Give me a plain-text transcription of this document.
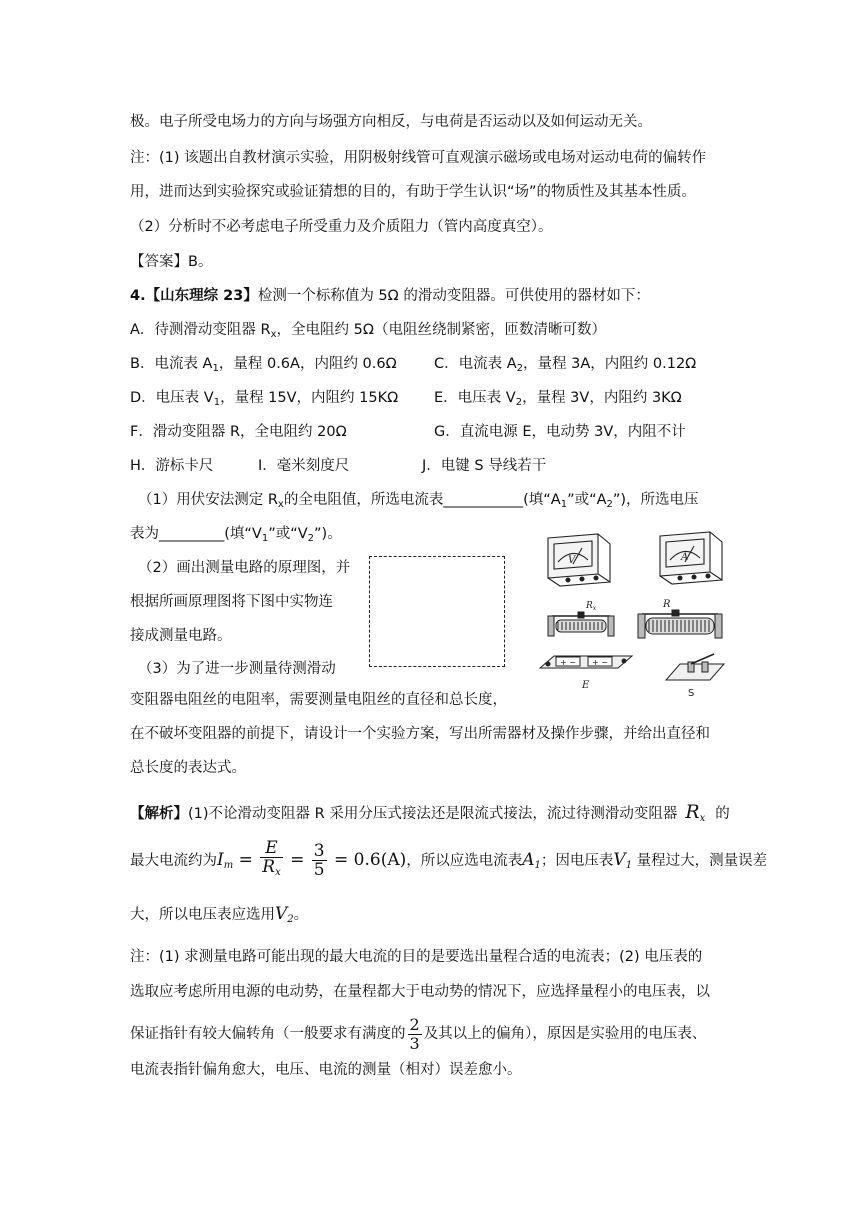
极。电子所受电场力的方向与场强方向相反，与电荷是否运动以及如何运动无关。
注：(1) 该题出自教材演示实验，用阴极射线管可直观演示磁场或电场对运动电荷的偏转作
用，进而达到实验探究或验证猜想的目的，有助于学生认识“场”的物质性及其基本性质。
（2）分析时不必考虑电子所受重力及介质阻力（管内高度真空）。
【答案】B。
4.【山东理综 23】检测一个标称值为 5Ω 的滑动变阻器。可供使用的器材如下：
A．待测滑动变阻器 $R_x$，全电阻约 5Ω（电阻丝绕制紧密，匝数清晰可数）
B．电流表 $A_1$，量程 0.6A，内阻约 0.6Ω	C．电流表 $A_2$，量程 3A，内阻约 0.12Ω
D．电压表 $V_1$，量程 15V，内阻约 15KΩ E．电压表 $V_2$，量程 3V，内阻约 3KΩ
F．滑动变阻器 R，全电阻约 20Ω	G．直流电源 E，电动势 3V，内阻不计
H．游标卡尺	I．毫米刻度尺	J．电键 S 导线若干
（1）用伏安法测定 $R_x$的全电阻值，所选电流表___________(填“$A_1$”或“$A_2$”)，所选电压
表为_________(填“$V_1$”或“$V_2$”)。
（2）画出测量电路的原理图，并
根据所画原理图将下图中实物连
接成测量电路。
（3）为了进一步测量待测滑动
变阻器电阻丝的电阻率，需要测量电阻丝的直径和总长度，
在不破坏变阻器的前提下，请设计一个实验方案，写出所需器材及操作步骤，并给出直径和
总长度的表达式。
V	A
$R_x$	R
+ − + −
E
S
【解析】(1)不论滑动变阻器 R 采用分压式接法还是限流式接法，流过待测滑动变阻器 $R_x$ 的
最大电流约为$I_m = \frac{E}{R_x} = \frac{3}{5} = 0.6(A)$，所以应选电流表$A_1$；因电压表$V_1$ 量程过大，测量误差
大，所以电压表应选用$V_2$。
注：(1) 求测量电路可能出现的最大电流的目的是要选出量程合适的电流表；(2) 电压表的
选取应考虑所用电源的电动势，在量程都大于电动势的情况下，应选择量程小的电压表，以
保证指针有较大偏转角（一般要求有满度的 $\frac{2}{3}$ 及其以上的偏角），原因是实验用的电压表、
电流表指针偏角愈大，电压、电流的测量（相对）误差愈小。
